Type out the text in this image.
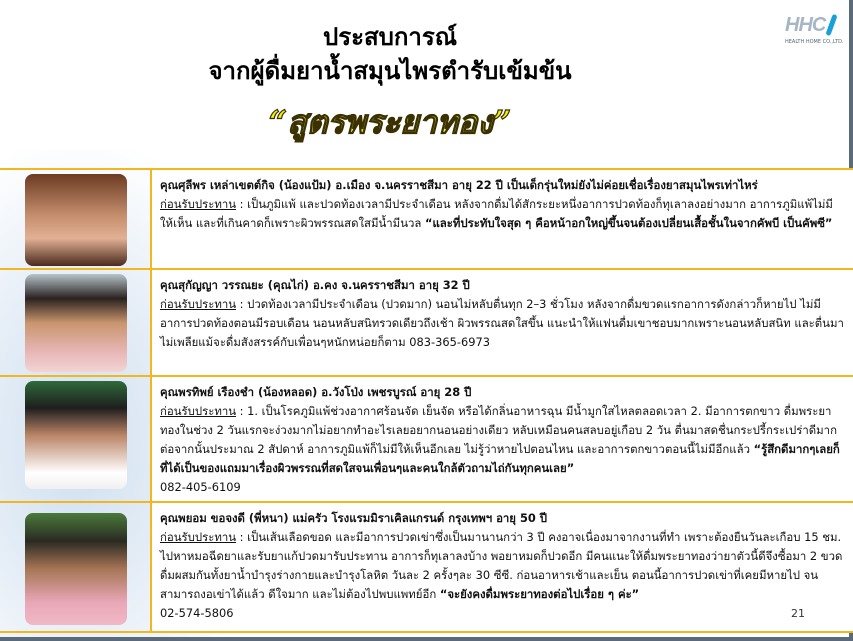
ประสบการณ์
จากผู้ดื่มยาน้ำสมุนไพรตำรับเข้มข้น
“สูตรพระยาทอง”
HHC
HEALTH HOME CO.,LTD.

	คุณศุลีพร เหล่าเขตต์กิจ (น้องแป้ม) อ.เมือง จ.นครราชสีมา อายุ 22 ปี เป็นเด็กรุ่นใหม่ยังไม่ค่อยเชื่อเรื่องยาสมุนไพรเท่าไหร่
ก่อนรับประทาน : เป็นภูมิแพ้ และปวดท้องเวลามีประจำเดือน หลังจากดื่มได้สักระยะหนึ่งอาการปวดท้องก็ทุเลาลงอย่างมาก อาการภูมิแพ้ไม่มีให้เห็น และที่เกินคาดก็เพราะผิวพรรณสดใสมีน้ำมีนวล “และที่ประทับใจสุด ๆ คือหน้าอกใหญ่ขึ้นจนต้องเปลี่ยนเสื้อชั้นในจากคัพบี เป็นคัพซี”

	คุณสุกัญญา วรรณยะ (คุณไก่) อ.คง จ.นครราชสีมา อายุ 32 ปี
ก่อนรับประทาน : ปวดท้องเวลามีประจำเดือน (ปวดมาก) นอนไม่หลับตื่นทุก 2–3 ชั่วโมง หลังจากดื่มขวดแรกอาการดังกล่าวก็หายไป ไม่มีอาการปวดท้องตอนมีรอบเดือน นอนหลับสนิทรวดเดียวถึงเช้า ผิวพรรณสดใสขึ้น แนะนำให้แฟนดื่มเขาชอบมากเพราะนอนหลับสนิท และตื่นมาไม่เพลียแม้จะดื่มสังสรรค์กับเพื่อนๆหนักหน่อยก็ตาม 083-365-6973

	คุณพรทิพย์ เรืองชำ (น้องหลอด) อ.วังโป่ง เพชรบูรณ์ อายุ 28 ปี
ก่อนรับประทาน : 1. เป็นโรคภูมิแพ้ช่วงอากาศร้อนจัด เย็นจัด หรือได้กลิ่นอาหารฉุน มีน้ำมูกใสไหลตลอดเวลา 2. มีอาการตกขาว ดื่มพระยาทองในช่วง 2 วันแรกจะง่วงมากไม่อยากทำอะไรเลยอยากนอนอย่างเดียว หลับเหมือนคนสลบอยู่เกือบ 2 วัน ตื่นมาสดชื่นกระปรี้กระเปร่าดีมาก ต่อจากนั้นประมาณ 2 สัปดาห์ อาการภูมิแพ้ก็ไม่มีให้เห็นอีกเลย ไม่รู้ว่าหายไปตอนไหน และอาการตกขาวตอนนี้ไม่มีอีกแล้ว “รู้สึกดีมากๆเลยก็ที่ได้เป็นของแถมมาเรื่องผิวพรรณที่สดใสจนเพื่อนๆและคนใกล้ตัวถามไถ่กันทุกคนเลย”
082-405-6109

	คุณพยอม ขอจงดี (พี่หนา) แม่ครัว โรงแรมมิราเคิลแกรนด์ กรุงเทพฯ อายุ 50 ปี
ก่อนรับประทาน : เป็นเส้นเลือดขอด และมีอาการปวดเข่าซึ่งเป็นมานานกว่า 3 ปี คงอาจเนื่องมาจากงานที่ทำ เพราะต้องยืนวันละเกือบ 15 ชม. ไปหาหมอฉีดยาและรับยาแก้ปวดมารับประทาน อาการก็ทุเลาลงบ้าง พอยาหมดก็ปวดอีก มีคนแนะให้ดื่มพระยาทองว่ายาตัวนี้ดีจึงซื้อมา 2 ขวด ดื่มผสมกันทั้งยาน้ำบำรุงร่างกายและบำรุงโลหิต วันละ 2 ครั้งๆละ 30 ซีซี. ก่อนอาหารเช้าและเย็น ตอนนี้อาการปวดเข่าที่เคยมีหายไป จนสามารถงอเข่าได้แล้ว ดีใจมาก และไม่ต้องไปพบแพทย์อีก “จะยังคงดื่มพระยาทองต่อไปเรื่อย ๆ ค่ะ”
02-574-5806 21
